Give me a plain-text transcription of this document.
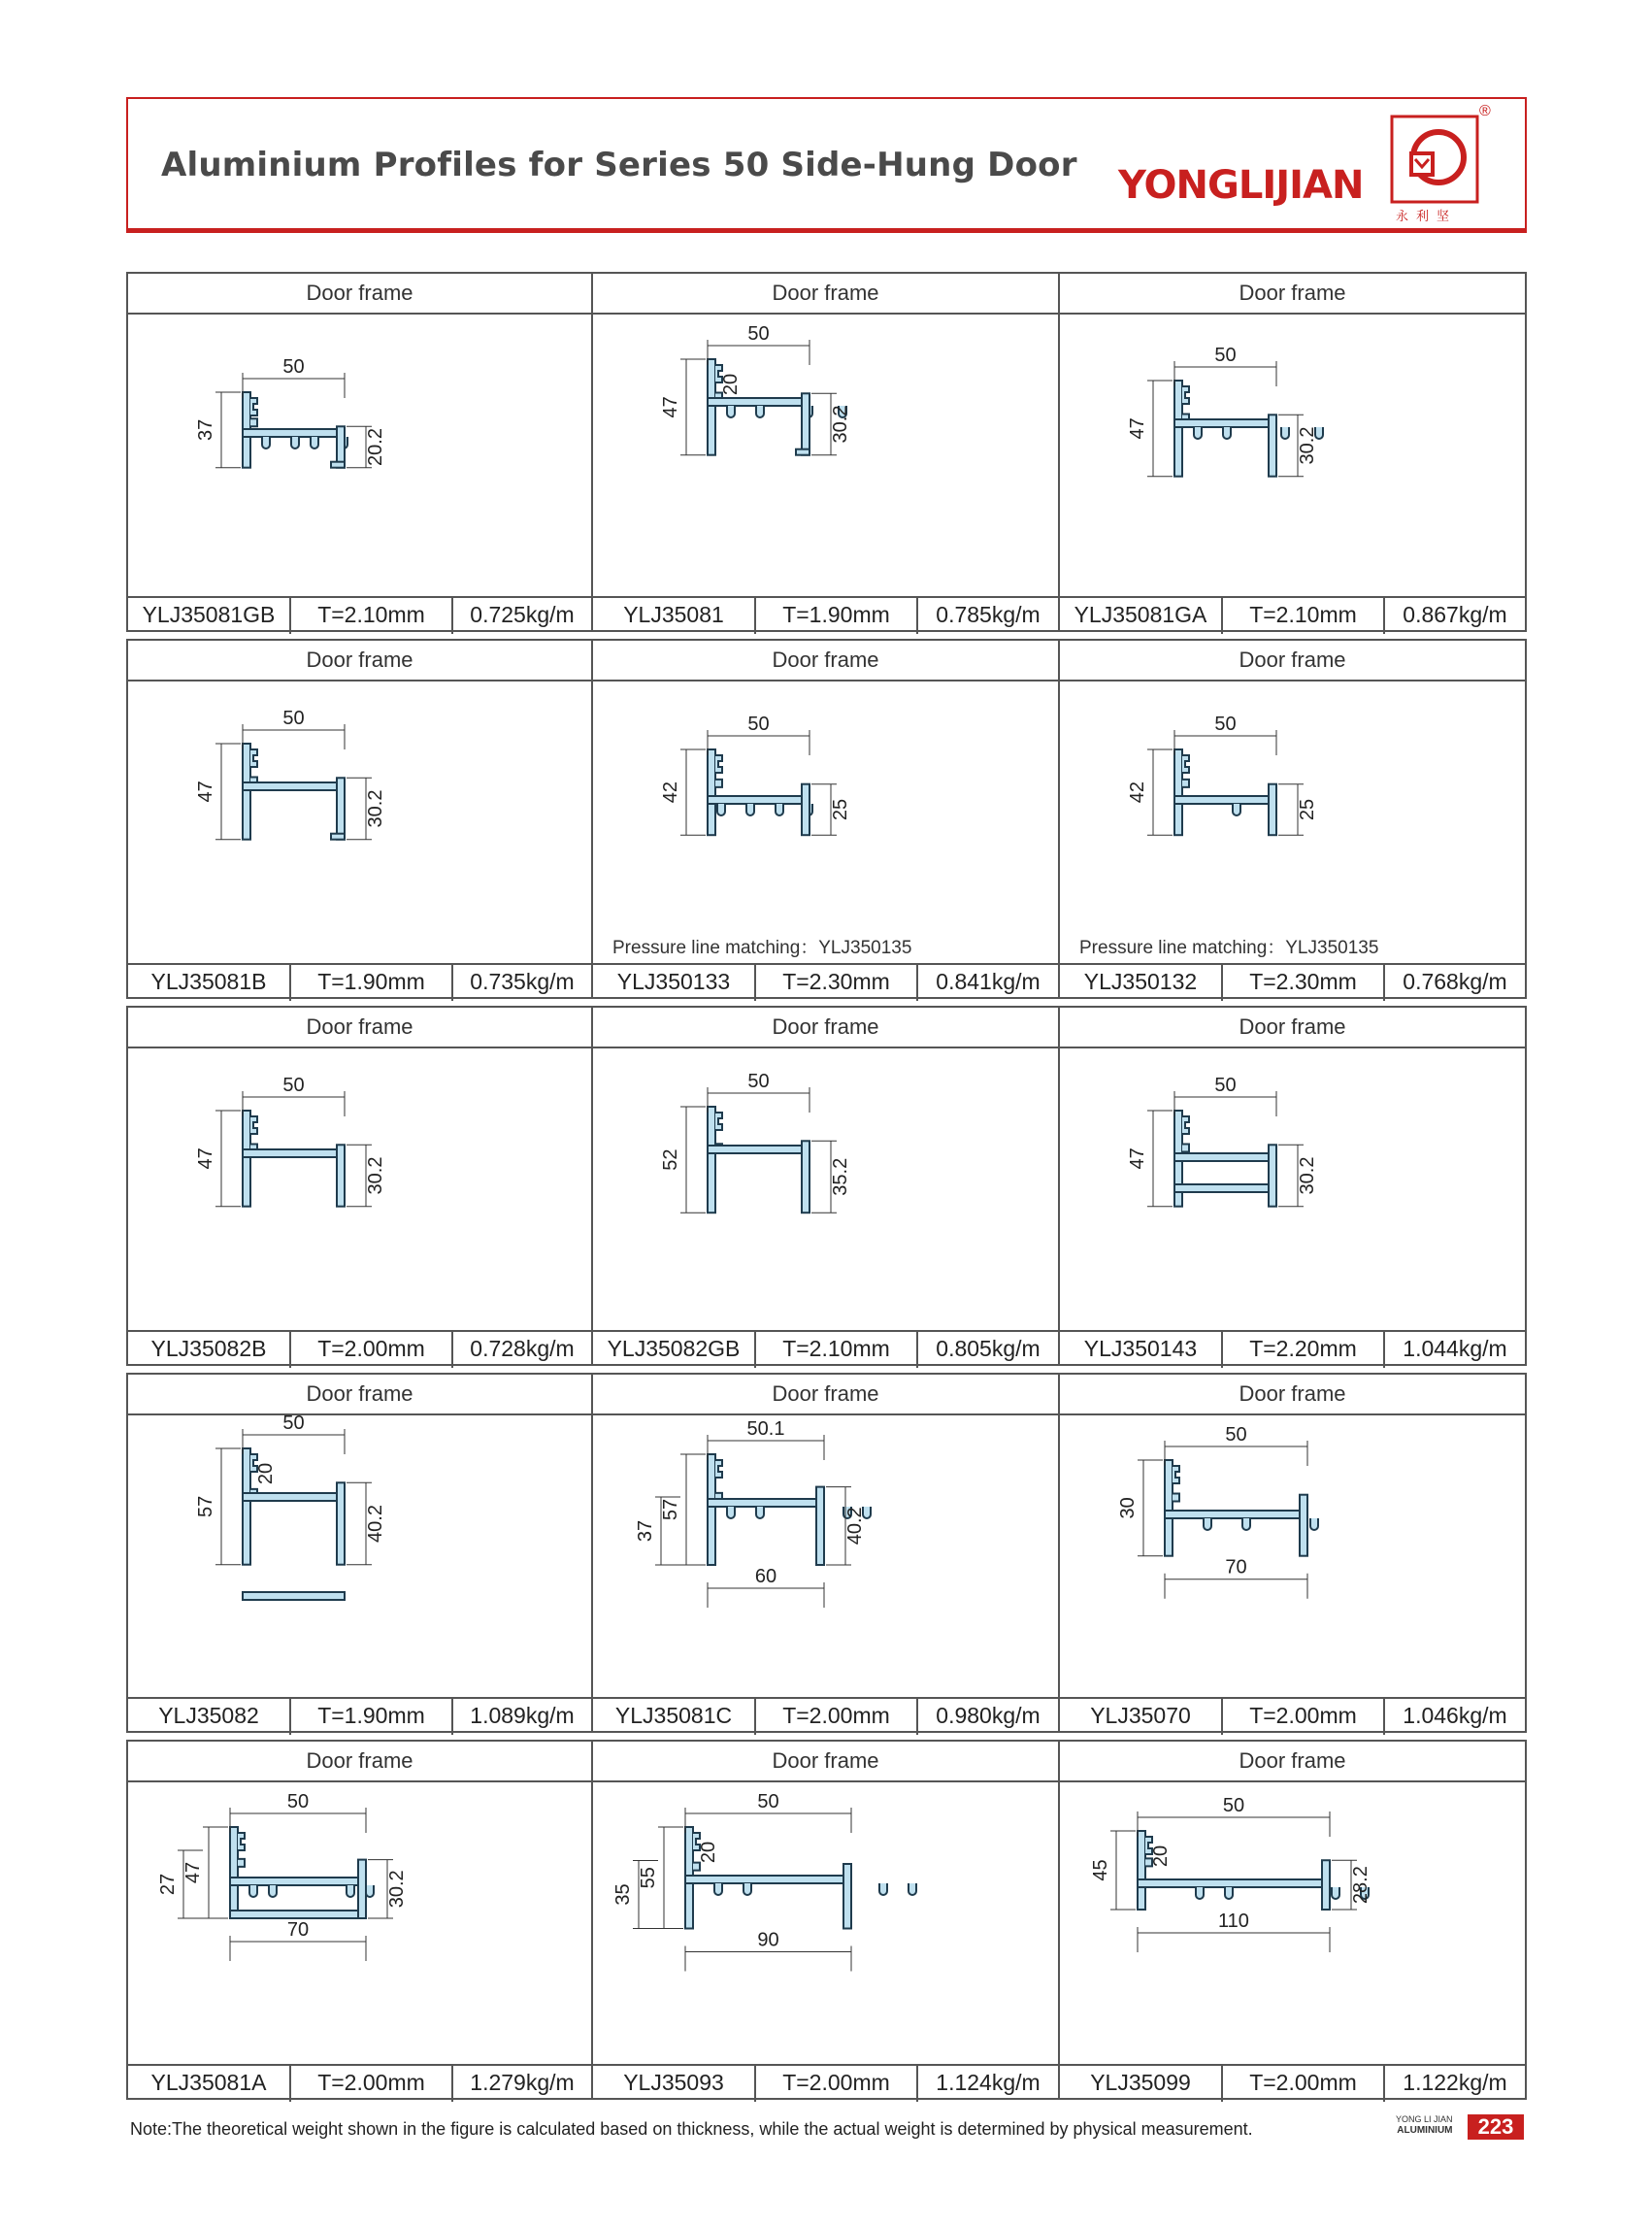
Aluminium Profiles for Series 50 Side-Hung Door YONGLIJIAN
®
永利坚
Door frame
50
37	20.2
YLJ35081GB	T=2.10mm	0.725kg/m
Door frame
50
47	30.2
20
YLJ35081	T=1.90mm	0.785kg/m
Door frame
50
47	30.2
YLJ35081GA	T=2.10mm	0.867kg/m
Door frame
50
47	30.2
YLJ35081B	T=1.90mm	0.735kg/m
Door frame
50
42
25
Pressure line matching：YLJ350135
YLJ350133	T=2.30mm	0.841kg/m
Door frame
50
42
25
Pressure line matching：YLJ350135
YLJ350132	T=2.30mm	0.768kg/m
Door frame
50
47	30.2
YLJ35082B	T=2.00mm	0.728kg/m
Door frame
50
52	35.2
YLJ35082GB	T=2.10mm	0.805kg/m
Door frame
50
47	30.2
YLJ350143	T=2.20mm	1.044kg/m
Door frame
50
57	40.2
20
YLJ35082	T=1.90mm	1.089kg/m
Door frame
50.1
57	40.2
37
60
YLJ35081C	T=2.00mm	0.980kg/m
Door frame
50
30
70
YLJ35070	T=2.00mm	1.046kg/m
Door frame
50
47	30.2
27
70
YLJ35081A	T=2.00mm	1.279kg/m
Door frame
50
55
20
35
90
YLJ35093	T=2.00mm	1.124kg/m
Door frame
50
45	28.2
20
110
YLJ35099	T=2.00mm	1.122kg/m
Note:The theoretical weight shown in the figure is calculated based on thickness, while the actual weight is determined by physical measurement.	YONG LI JIAN
ALUMINIUM	223
